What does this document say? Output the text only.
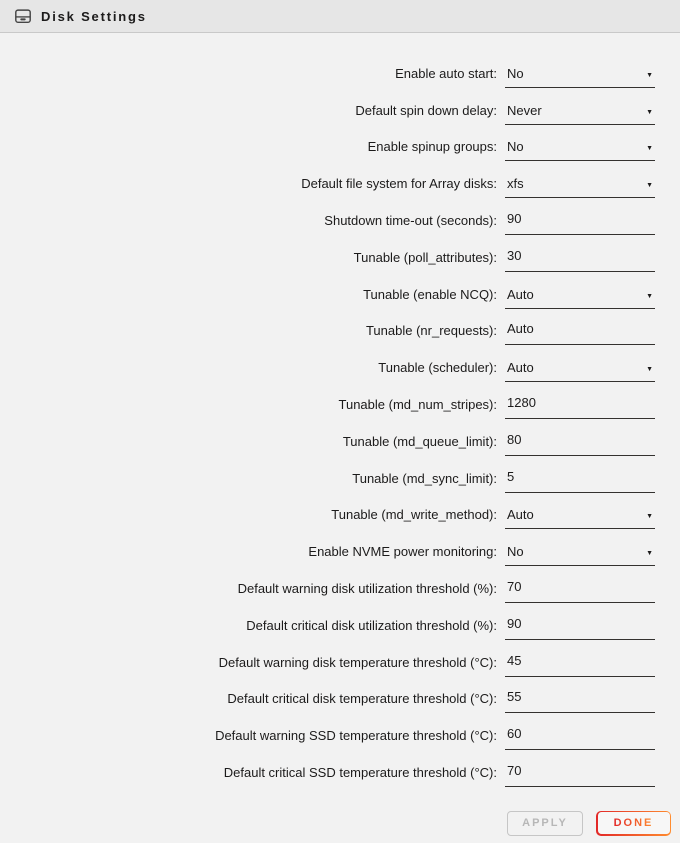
Disk Settings
Enable auto start: No	▼
Default spin down delay: Never	▼
Enable spinup groups: No	▼
Default file system for Array disks: xfs	▼
Shutdown time-out (seconds):
90
Tunable (poll_attributes):
30
Tunable (enable NCQ): Auto	▼
Tunable (nr_requests):
Auto
Tunable (scheduler): Auto	▼
Tunable (md_num_stripes):
1280
Tunable (md_queue_limit):
80
Tunable (md_sync_limit):
5
Tunable (md_write_method): Auto	▼
Enable NVME power monitoring: No	▼
Default warning disk utilization threshold (%):
70
Default critical disk utilization threshold (%):
90
Default warning disk temperature threshold (°C):
45
Default critical disk temperature threshold (°C):
55
Default warning SSD temperature threshold (°C):
60
Default critical SSD temperature threshold (°C):
70
APPLY	DONE
